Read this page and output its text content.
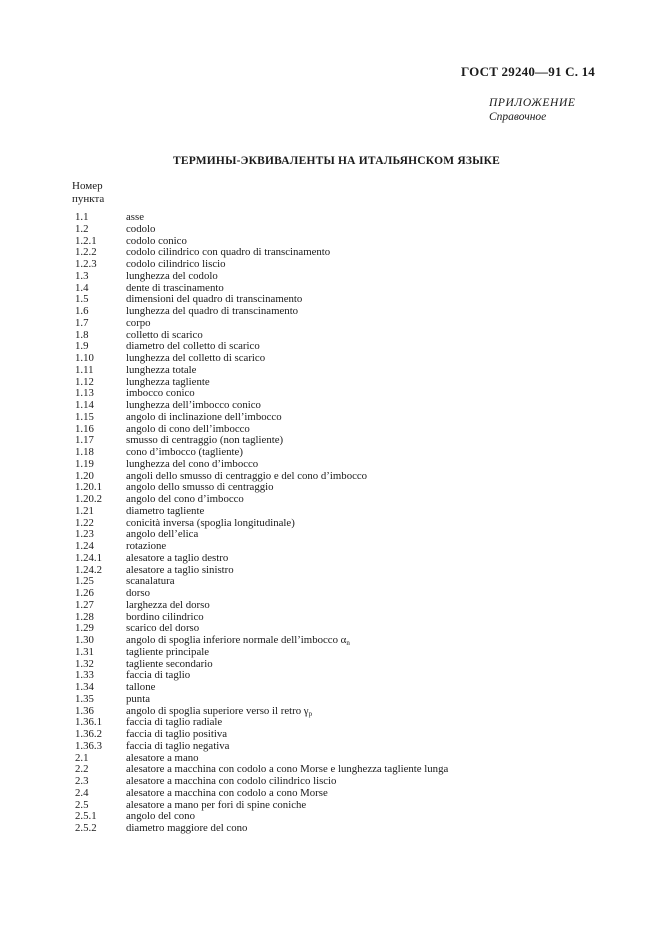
ГОСТ 29240—91 С. 14
ПРИЛОЖЕНИЕ
Справочное
ТЕРМИНЫ-ЭКВИВАЛЕНТЫ НА ИТАЛЬЯНСКОМ ЯЗЫКЕ
Номер
пункта
1.1	asse
1.2	codolo
1.2.1	codolo conico
1.2.2	codolo cilindrico con quadro di transcinamento
1.2.3	codolo cilindrico liscio
1.3	lunghezza del codolo
1.4	dente di trascinamento
1.5	dimensioni del quadro di transcinamento
1.6	lunghezza del quadro di transcinamento
1.7	corpo
1.8	colletto di scarico
1.9	diametro del colletto di scarico
1.10	lunghezza del colletto di scarico
1.11	lunghezza totale
1.12	lunghezza tagliente
1.13	imbocco conico
1.14	lunghezza dell’imbocco conico
1.15	angolo di inclinazione dell’imbocco
1.16	angolo di cono dell’imbocco
1.17	smusso di centraggio (non tagliente)
1.18	cono d’imbocco (tagliente)
1.19	lunghezza del cono d’imbocco
1.20	angoli dello smusso di centraggio e del cono d’imbocco
1.20.1	angolo dello smusso di centraggio
1.20.2	angolo del cono d’imbocco
1.21	diametro tagliente
1.22	conicità inversa (spoglia longitudinale)
1.23	angolo dell’elica
1.24	rotazione
1.24.1	alesatore a taglio destro
1.24.2	alesatore a taglio sinistro
1.25	scanalatura
1.26	dorso
1.27	larghezza del dorso
1.28	bordino cilindrico
1.29	scarico del dorso
1.30	angolo di spoglia inferiore normale dell’imbocco $\alpha_n$
1.31	tagliente principale
1.32	tagliente secondario
1.33	faccia di taglio
1.34	tallone
1.35	punta
1.36	angolo di spoglia superiore verso il retro $\gamma_p$
1.36.1	faccia di taglio radiale
1.36.2	faccia di taglio positiva
1.36.3	faccia di taglio negativa
2.1	alesatore a mano
2.2	alesatore a macchina con codolo a cono Morse e lunghezza tagliente lunga
2.3	alesatore a macchina con codolo cilindrico liscio
2.4	alesatore a macchina con codolo a cono Morse
2.5	alesatore a mano per fori di spine coniche
2.5.1	angolo del cono
2.5.2	diametro maggiore del cono
